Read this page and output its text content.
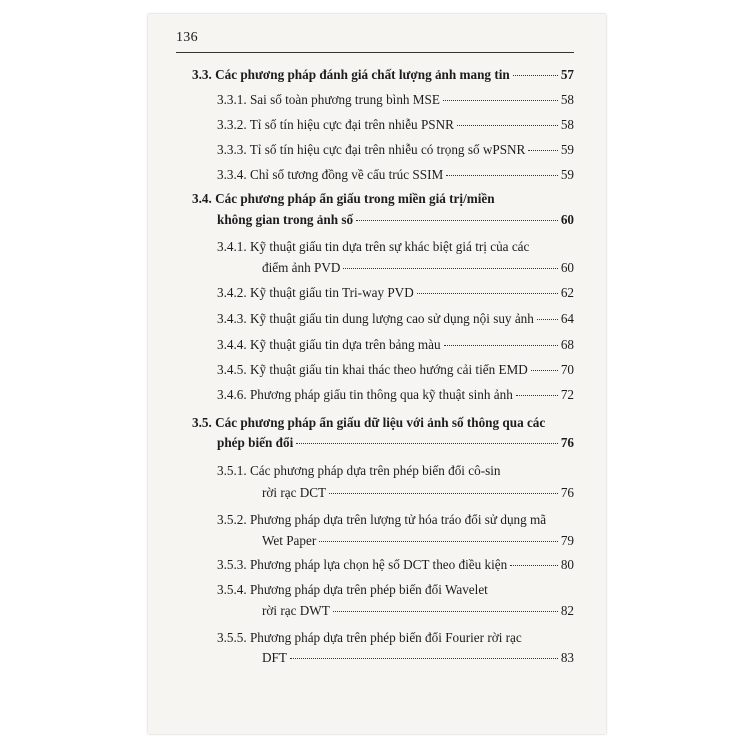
136
3.3. Các phương pháp đánh giá chất lượng ảnh mang tin	57
3.3.1. Sai số toàn phương trung bình MSE	58
3.3.2. Tỉ số tín hiệu cực đại trên nhiễu PSNR	58
3.3.3. Tỉ số tín hiệu cực đại trên nhiễu có trọng số wPSNR	59
3.3.4. Chỉ số tương đồng về cấu trúc SSIM	59
3.4. Các phương pháp ẩn giấu trong miền giá trị/miền
không gian trong ảnh số	60
3.4.1. Kỹ thuật giấu tin dựa trên sự khác biệt giá trị của các
điểm ảnh PVD	60
3.4.2. Kỹ thuật giấu tin Tri-way PVD	62
3.4.3. Kỹ thuật giấu tin dung lượng cao sử dụng nội suy ảnh 64
3.4.4. Kỹ thuật giấu tin dựa trên bảng màu	68
3.4.5. Kỹ thuật giấu tin khai thác theo hướng cải tiến EMD	70
3.4.6. Phương pháp giấu tin thông qua kỹ thuật sinh ảnh	72
3.5. Các phương pháp ẩn giấu dữ liệu với ảnh số thông qua các
phép biến đổi	76
3.5.1. Các phương pháp dựa trên phép biến đổi cô-sin
rời rạc DCT	76
3.5.2. Phương pháp dựa trên lượng tử hóa tráo đổi sử dụng mã
Wet Paper	79
3.5.3. Phương pháp lựa chọn hệ số DCT theo điều kiện	80
3.5.4. Phương pháp dựa trên phép biến đổi Wavelet
rời rạc DWT	82
3.5.5. Phương pháp dựa trên phép biến đổi Fourier rời rạc
DFT	83
